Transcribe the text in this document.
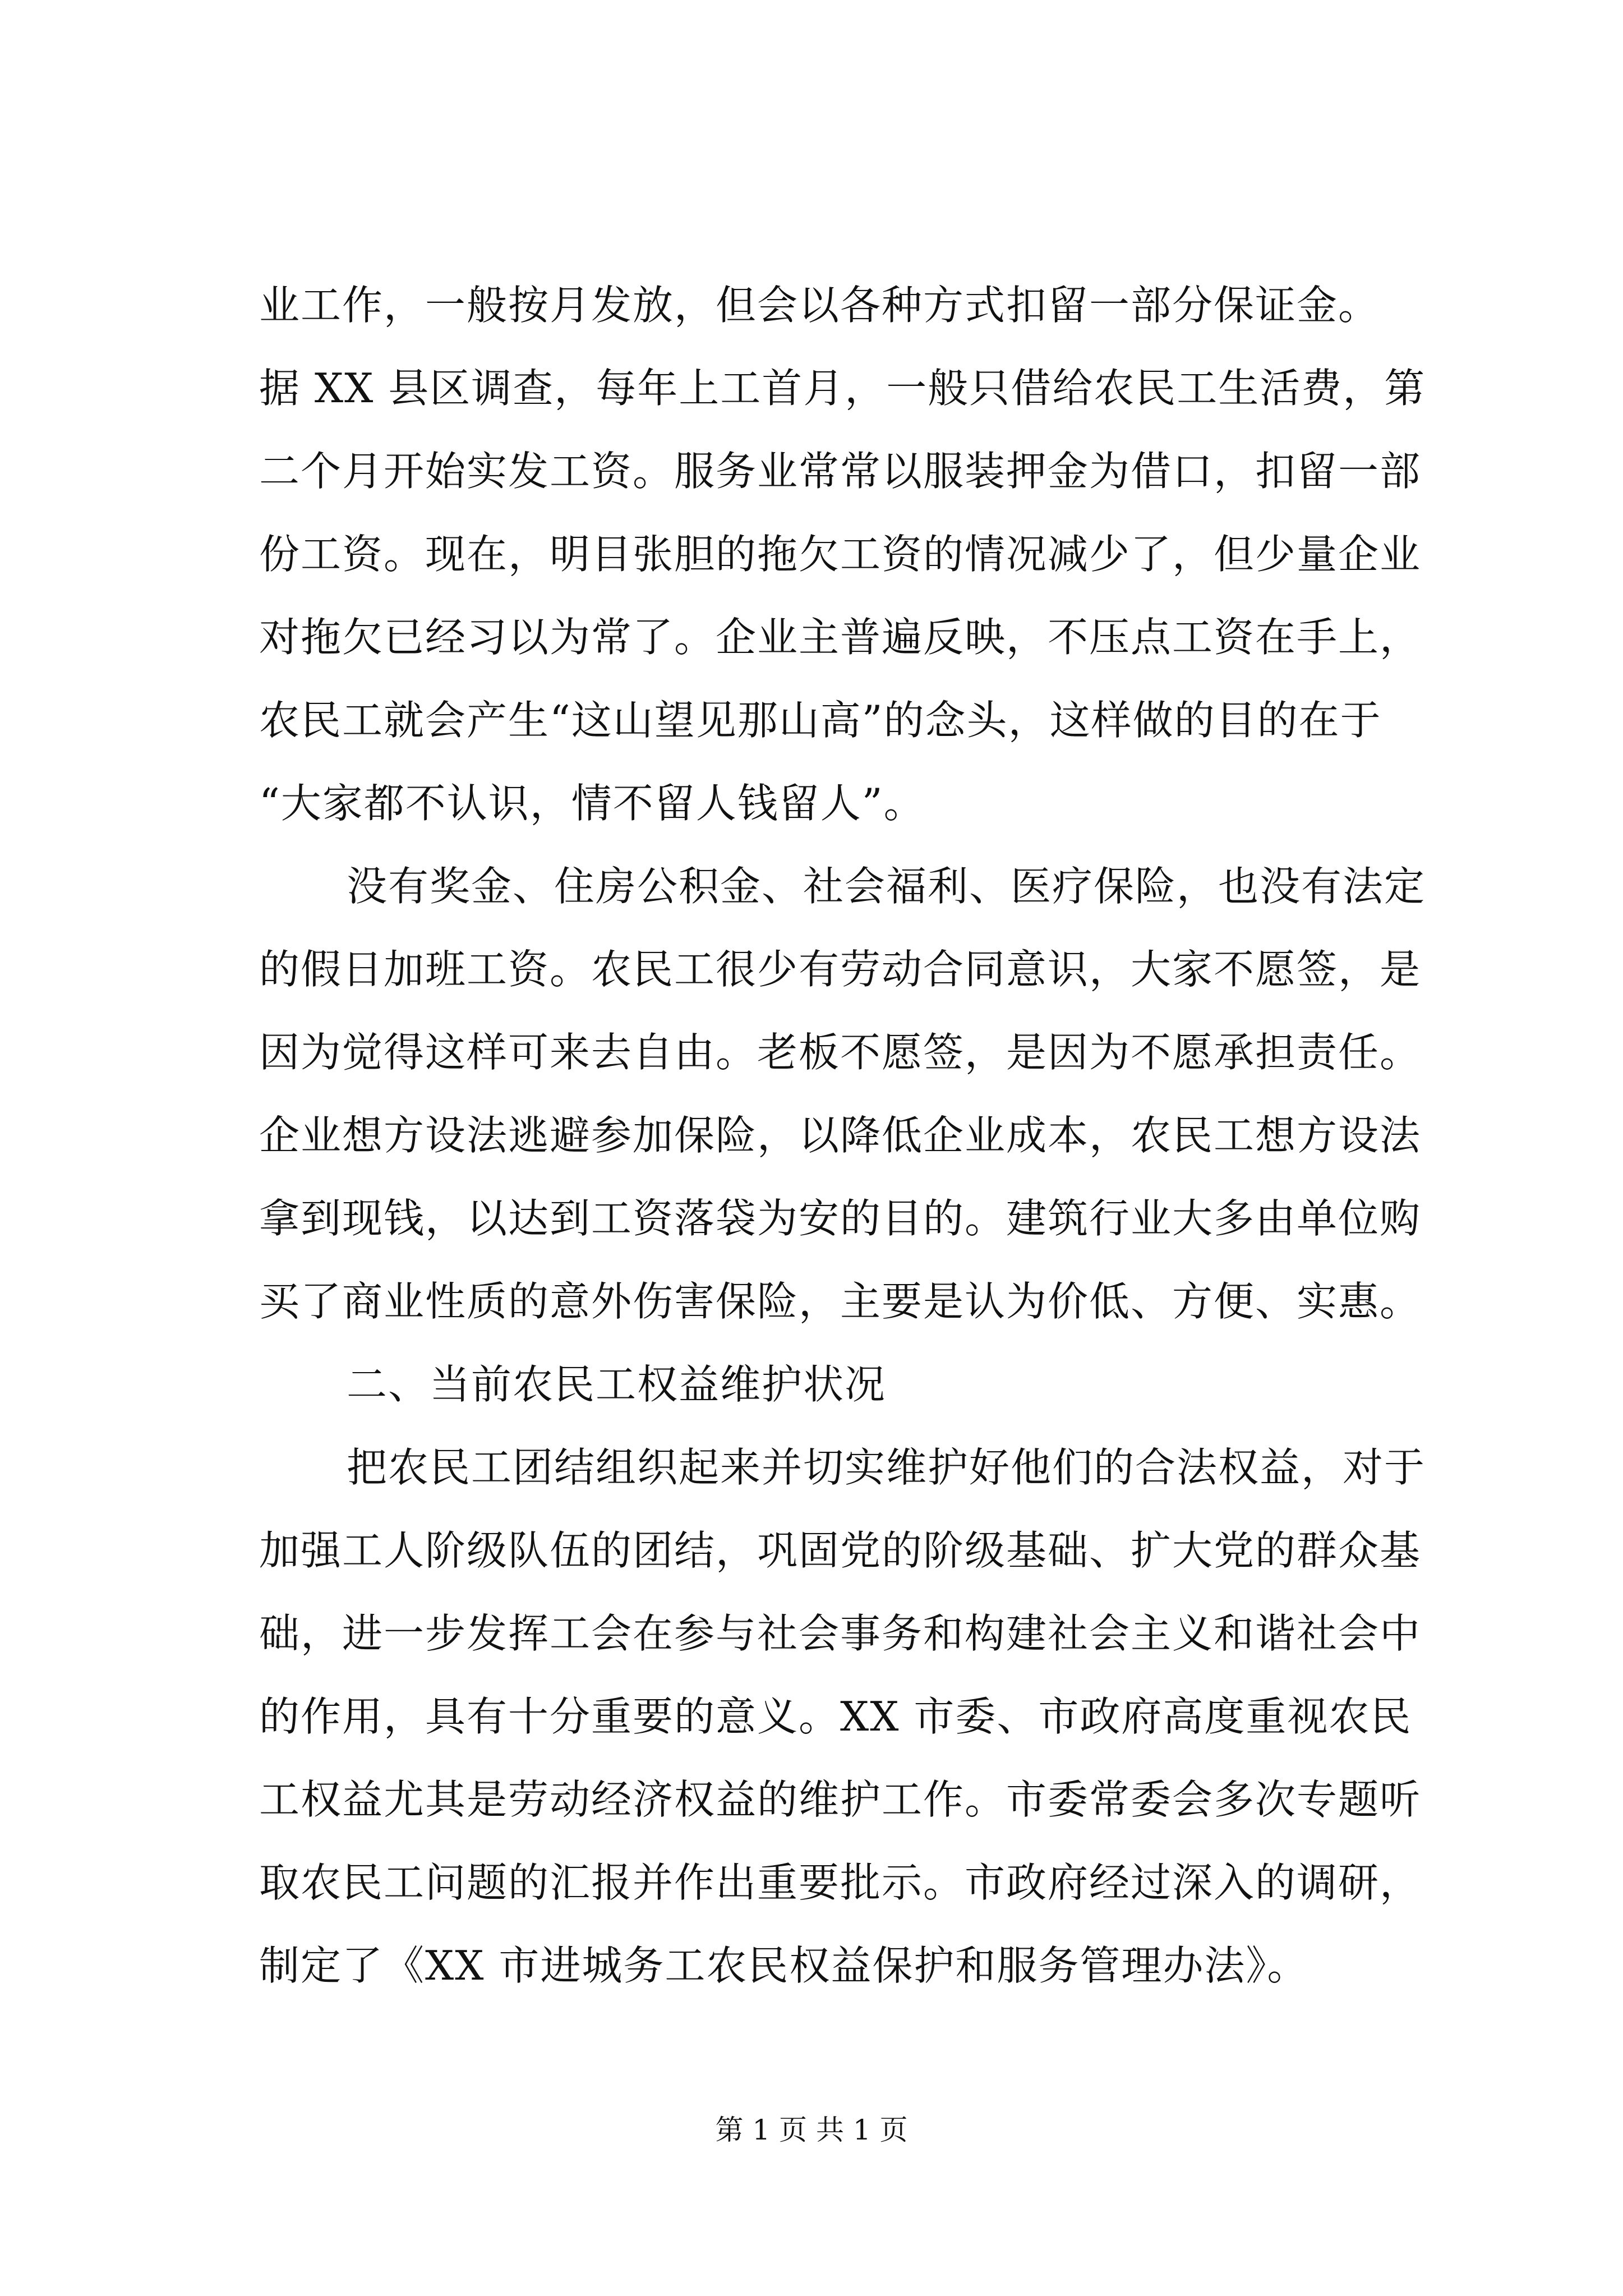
业工作，一般按月发放，但会以各种方式扣留一部分保证金。
据 XX 县区调查，每年上工首月，一般只借给农民工生活费，第
二个月开始实发工资。服务业常常以服装押金为借口，扣留一部
份工资。现在，明目张胆的拖欠工资的情况减少了，但少量企业
对拖欠已经习以为常了。企业主普遍反映，不压点工资在手上，
农民工就会产生“这山望见那山高”的念头，这样做的目的在于
“大家都不认识，情不留人钱留人”。
没有奖金、住房公积金、社会福利、医疗保险，也没有法定
的假日加班工资。农民工很少有劳动合同意识，大家不愿签，是
因为觉得这样可来去自由。老板不愿签，是因为不愿承担责任。
企业想方设法逃避参加保险，以降低企业成本，农民工想方设法
拿到现钱，以达到工资落袋为安的目的。建筑行业大多由单位购
买了商业性质的意外伤害保险，主要是认为价低、方便、实惠。
二、当前农民工权益维护状况
把农民工团结组织起来并切实维护好他们的合法权益，对于
加强工人阶级队伍的团结，巩固党的阶级基础、扩大党的群众基
础，进一步发挥工会在参与社会事务和构建社会主义和谐社会中
的作用，具有十分重要的意义。XX 市委、市政府高度重视农民
工权益尤其是劳动经济权益的维护工作。市委常委会多次专题听
取农民工问题的汇报并作出重要批示。市政府经过深入的调研，
制定了《XX 市进城务工农民权益保护和服务管理办法》。
第 1 页 共 1 页
